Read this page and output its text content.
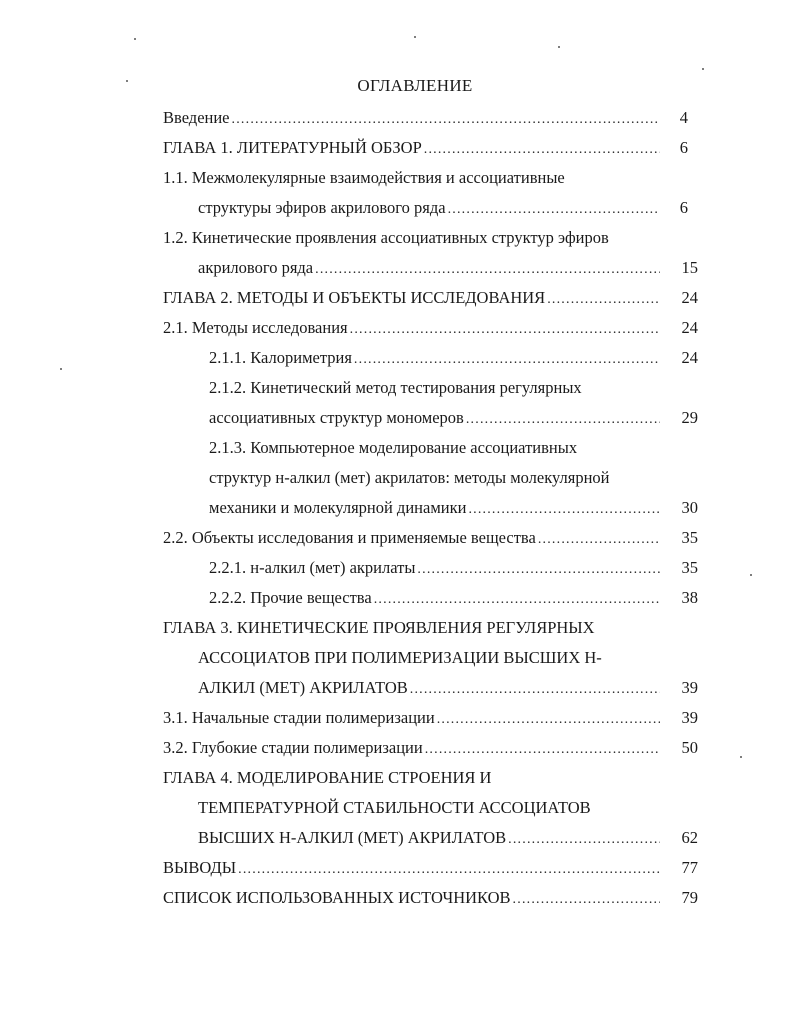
ОГЛАВЛЕНИЕ
Введение .....	4
ГЛАВА 1. ЛИТЕРАТУРНЫЙ ОБЗОР .....	6
1.1. Межмолекулярные взаимодействия и ассоциативные
структуры эфиров акрилового ряда .....	6
1.2. Кинетические проявления ассоциативных структур эфиров
акрилового ряда .....	15
ГЛАВА 2. МЕТОДЫ И ОБЪЕКТЫ ИССЛЕДОВАНИЯ .....	24
2.1. Методы исследования .....	24
2.1.1. Калориметрия .....	24
2.1.2. Кинетический метод тестирования регулярных
ассоциативных структур мономеров .....	29
2.1.3. Компьютерное моделирование ассоциативных
структур н-алкил (мет) акрилатов: методы молекулярной
механики и молекулярной динамики .....	30
2.2. Объекты исследования и применяемые вещества .....	35
2.2.1. н-алкил (мет) акрилаты .....	35
2.2.2. Прочие вещества .....	38
ГЛАВА 3. КИНЕТИЧЕСКИЕ ПРОЯВЛЕНИЯ РЕГУЛЯРНЫХ
АССОЦИАТОВ ПРИ ПОЛИМЕРИЗАЦИИ ВЫСШИХ Н-
АЛКИЛ (МЕТ) АКРИЛАТОВ .....	39
3.1. Начальные стадии полимеризации .....	39
3.2. Глубокие стадии полимеризации .....	50
ГЛАВА 4. МОДЕЛИРОВАНИЕ СТРОЕНИЯ И
ТЕМПЕРАТУРНОЙ СТАБИЛЬНОСТИ АССОЦИАТОВ
ВЫСШИХ Н-АЛКИЛ (МЕТ) АКРИЛАТОВ .....	62
ВЫВОДЫ .....	77
СПИСОК ИСПОЛЬЗОВАННЫХ ИСТОЧНИКОВ .....	79
